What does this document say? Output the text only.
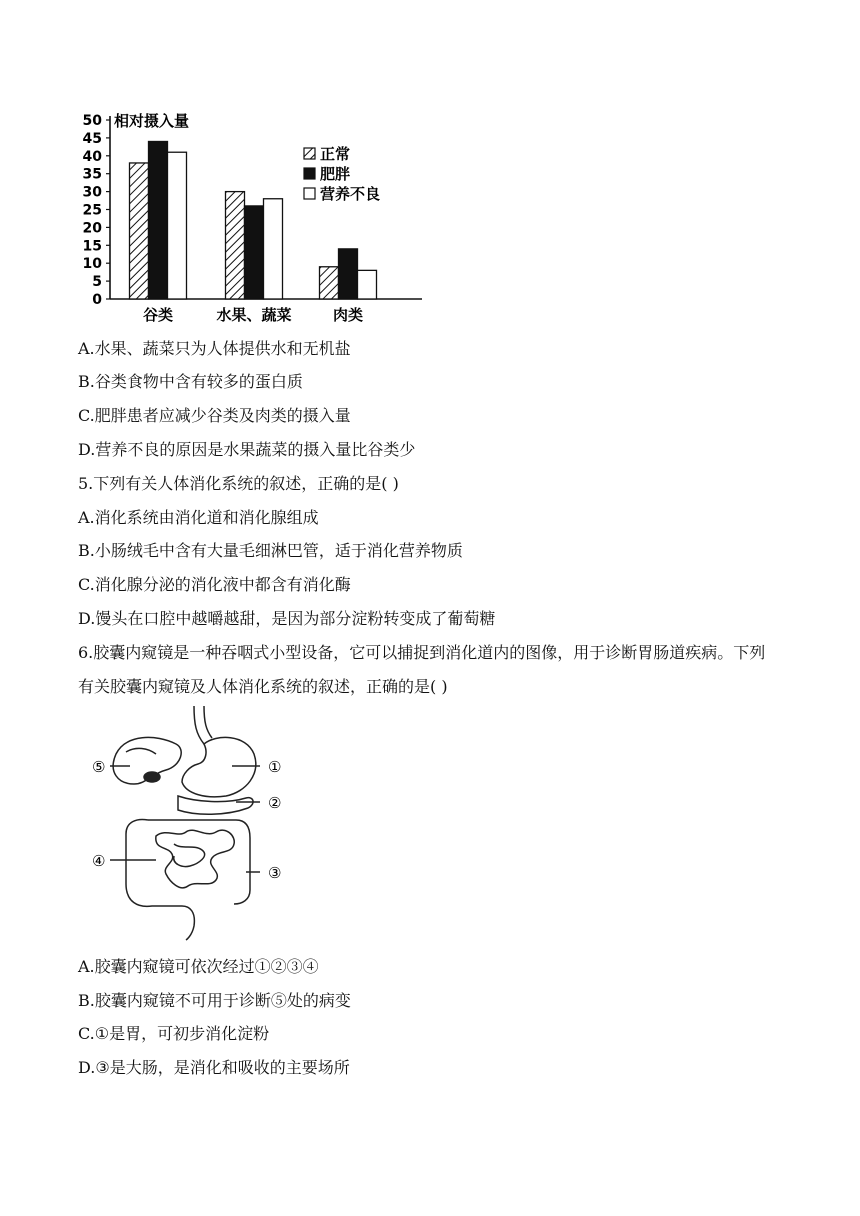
0
5
10
15
20
25
30
35
40
45
50 相对摄入量
谷类	水果、蔬菜	肉类
正常
肥胖
营养不良
A.水果、蔬菜只为人体提供水和无机盐
B.谷类食物中含有较多的蛋白质
C.肥胖患者应减少谷类及肉类的摄入量
D.营养不良的原因是水果蔬菜的摄入量比谷类少
5.下列有关人体消化系统的叙述，正确的是( )
A.消化系统由消化道和消化腺组成
B.小肠绒毛中含有大量毛细淋巴管，适于消化营养物质
C.消化腺分泌的消化液中都含有消化酶
D.馒头在口腔中越嚼越甜，是因为部分淀粉转变成了葡萄糖
6.胶囊内窥镜是一种吞咽式小型设备，它可以捕捉到消化道内的图像，用于诊断胃肠道疾病。下列有关胶囊内窥镜及人体消化系统的叙述，正确的是( )
①
②
③
④
⑤
A.胶囊内窥镜可依次经过①②③④
B.胶囊内窥镜不可用于诊断⑤处的病变
C.①是胃，可初步消化淀粉
D.③是大肠，是消化和吸收的主要场所
